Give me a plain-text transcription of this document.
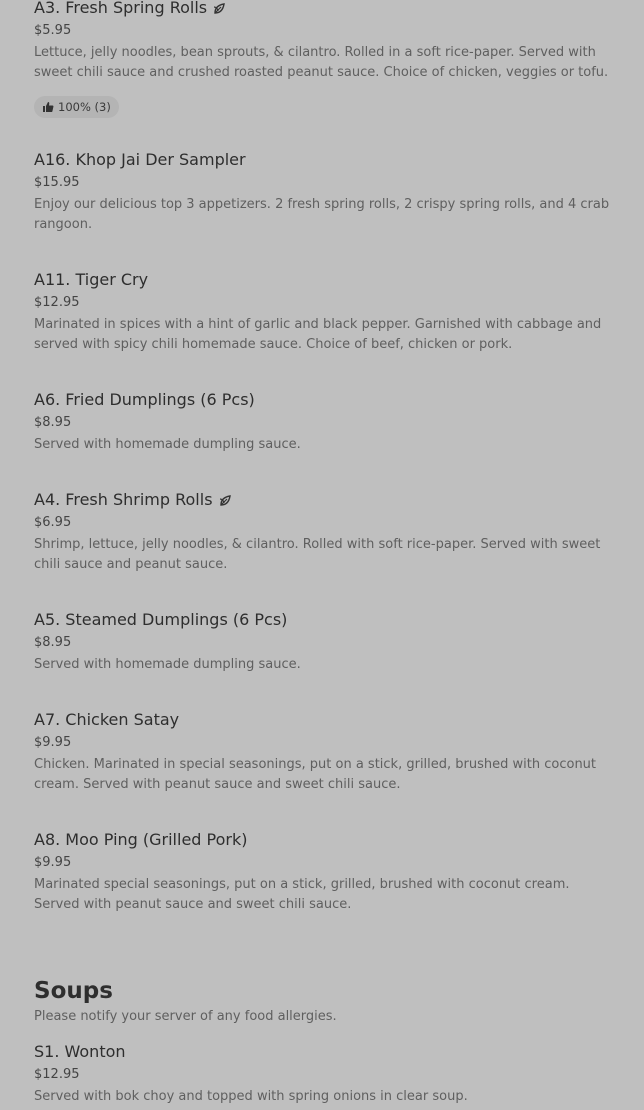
A3. Fresh Spring Rolls
$5.95
Lettuce, jelly noodles, bean sprouts, & cilantro. Rolled in a soft rice-paper. Served with sweet chili sauce and crushed roasted peanut sauce. Choice of chicken, veggies or tofu.
100% (3)
A16. Khop Jai Der Sampler
$15.95
Enjoy our delicious top 3 appetizers. 2 fresh spring rolls, 2 crispy spring rolls, and 4 crab rangoon.
A11. Tiger Cry
$12.95
Marinated in spices with a hint of garlic and black pepper. Garnished with cabbage and served with spicy chili homemade sauce. Choice of beef, chicken or pork.
A6. Fried Dumplings (6 Pcs)
$8.95
Served with homemade dumpling sauce.
A4. Fresh Shrimp Rolls
$6.95
Shrimp, lettuce, jelly noodles, & cilantro. Rolled with soft rice-paper. Served with sweet chili sauce and peanut sauce.
A5. Steamed Dumplings (6 Pcs)
$8.95
Served with homemade dumpling sauce.
A7. Chicken Satay
$9.95
Chicken. Marinated in special seasonings, put on a stick, grilled, brushed with coconut cream. Served with peanut sauce and sweet chili sauce.
A8. Moo Ping (Grilled Pork)
$9.95
Marinated special seasonings, put on a stick, grilled, brushed with coconut cream. Served with peanut sauce and sweet chili sauce.
Soups
Please notify your server of any food allergies.
S1. Wonton
$12.95
Served with bok choy and topped with spring onions in clear soup.
